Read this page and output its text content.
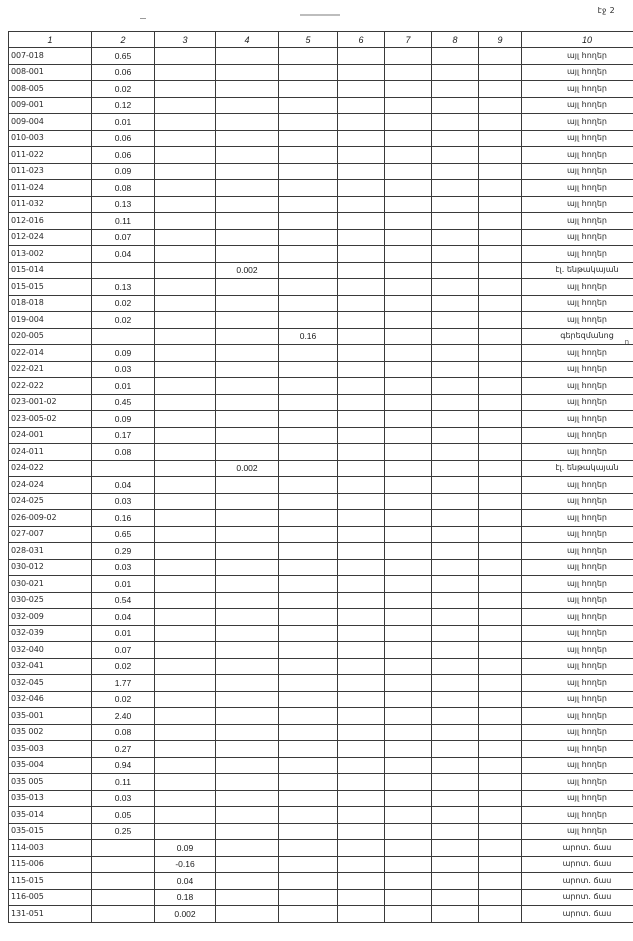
էջ 2
1	2	3	4	5	6	7	8	9	10
007-018	0.65								այլ հողեր
008-001	0.06								այլ հողեր
008-005	0.02								այլ հողեր
009-001	0.12								այլ հողեր
009-004	0.01								այլ հողեր
010-003	0.06								այլ հողեր
011-022	0.06								այլ հողեր
011-023	0.09								այլ հողեր
011-024	0.08								այլ հողեր
011-032	0.13								այլ հողեր
012-016	0.11								այլ հողեր
012-024	0.07								այլ հողեր
013-002	0.04								այլ հողեր
015-014			0.002						էլ. ենթակայան
015-015	0.13								այլ հողեր
018-018	0.02								այլ հողեր
019-004	0.02								այլ հողեր
020-005				0.16					գերեզմանոց
022-014	0.09								այլ հողեր
022-021	0.03								այլ հողեր
022-022	0.01								այլ հողեր
023-001-02	0.45								այլ հողեր
023-005-02	0.09								այլ հողեր
024-001	0.17								այլ հողեր
024-011	0.08								այլ հողեր
024-022			0.002						էլ. ենթակայան
024-024	0.04								այլ հողեր
024-025	0.03								այլ հողեր
026-009-02	0.16								այլ հողեր
027-007	0.65								այլ հողեր
028-031	0.29								այլ հողեր
030-012	0.03								այլ հողեր
030-021	0.01								այլ հողեր
030-025	0.54								այլ հողեր
032-009	0.04								այլ հողեր
032-039	0.01								այլ հողեր
032-040	0.07								այլ հողեր
032-041	0.02								այլ հողեր
032-045	1.77								այլ հողեր
032-046	0.02								այլ հողեր
035-001	2.40								այլ հողեր
035 002	0.08								այլ հողեր
035-003	0.27								այլ հողեր
035-004	0.94								այլ հողեր
035 005	0.11								այլ հողեր
035-013	0.03								այլ հողեր
035-014	0.05								այլ հողեր
035-015	0.25								այլ հողեր
114-003		0.09							արոտ. ճաս
115-006		-0.16							արոտ. ճաս
115-015		0.04							արոտ. ճաս
116-005		0.18							արոտ. ճաս
131-051		0.002							արոտ. ճաս
ո
